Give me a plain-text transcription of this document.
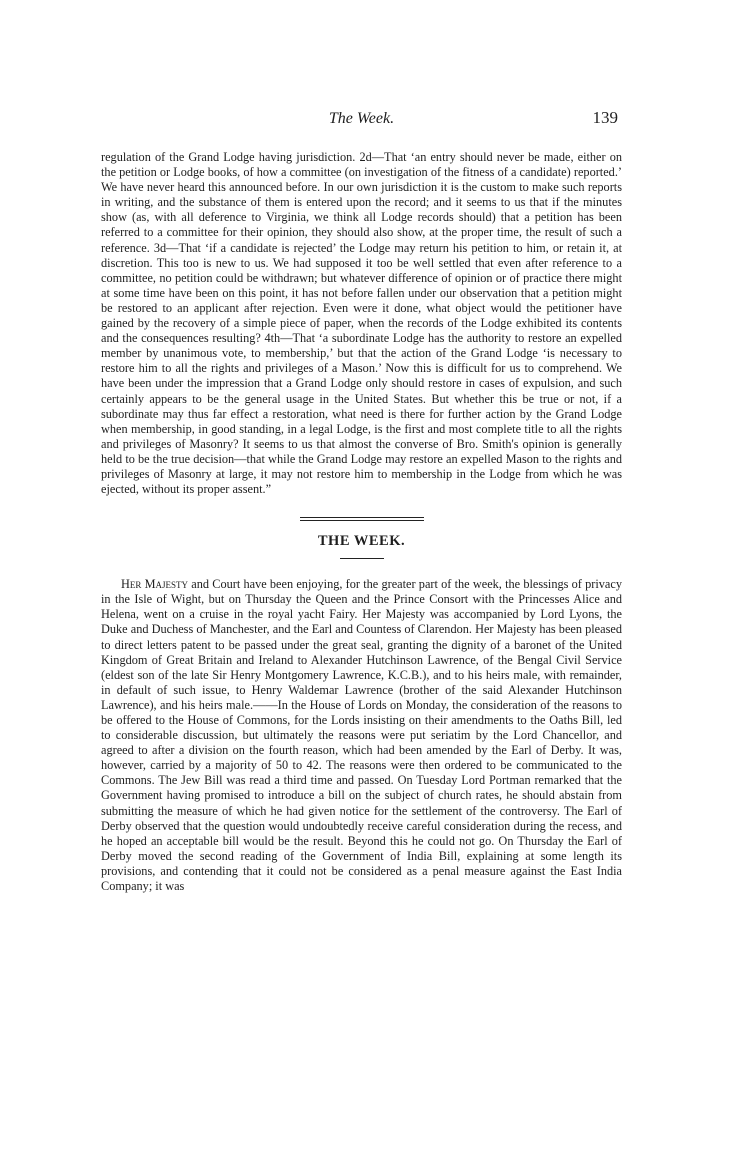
The Week.	139

regulation of the Grand Lodge having jurisdiction. 2d—That ‘an entry should never be made, either on the petition or Lodge books, of how a committee (on investigation of the fitness of a candidate) reported.’ We have never heard this announced before. In our own jurisdiction it is the custom to make such reports in writing, and the substance of them is entered upon the record; and it seems to us that if the minutes show (as, with all deference to Virginia, we think all Lodge records should) that a petition has been referred to a committee for their opinion, they should also show, at the proper time, the result of such a reference. 3d—That ‘if a candidate is rejected’ the Lodge may return his petition to him, or retain it, at discretion. This too is new to us. We had supposed it too be well settled that even after reference to a committee, no petition could be withdrawn; but whatever difference of opinion or of practice there might at some time have been on this point, it has not before fallen under our observation that a petition might be restored to an applicant after rejection. Even were it done, what object would the petitioner have gained by the recovery of a simple piece of paper, when the records of the Lodge exhibited its contents and the consequences resulting? 4th—That ‘a subordinate Lodge has the authority to restore an expelled member by unanimous vote, to membership,’ but that the action of the Grand Lodge ‘is necessary to restore him to all the rights and privileges of a Mason.’ Now this is difficult for us to comprehend. We have been under the impression that a Grand Lodge only should restore in cases of expulsion, and such certainly appears to be the general usage in the United States. But whether this be true or not, if a subordinate may thus far effect a restoration, what need is there for further action by the Grand Lodge when membership, in good standing, in a legal Lodge, is the first and most complete title to all the rights and privileges of Masonry? It seems to us that almost the converse of Bro. Smith's opinion is generally held to be the true decision—that while the Grand Lodge may restore an expelled Mason to the rights and privileges of Masonry at large, it may not restore him to membership in the Lodge from which he was ejected, without its proper assent.”

THE WEEK.

Her Majesty and Court have been enjoying, for the greater part of the week, the blessings of privacy in the Isle of Wight, but on Thursday the Queen and the Prince Consort with the Princesses Alice and Helena, went on a cruise in the royal yacht Fairy. Her Majesty was accompanied by Lord Lyons, the Duke and Duchess of Manchester, and the Earl and Countess of Clarendon. Her Majesty has been pleased to direct letters patent to be passed under the great seal, granting the dignity of a baronet of the United Kingdom of Great Britain and Ireland to Alexander Hutchinson Lawrence, of the Bengal Civil Service (eldest son of the late Sir Henry Montgomery Lawrence, K.C.B.), and to his heirs male, with remainder, in default of such issue, to Henry Waldemar Lawrence (brother of the said Alexander Hutchinson Lawrence), and his heirs male.——In the House of Lords on Monday, the consideration of the reasons to be offered to the House of Commons, for the Lords insisting on their amendments to the Oaths Bill, led to considerable discussion, but ultimately the reasons were put seriatim by the Lord Chancellor, and agreed to after a division on the fourth reason, which had been amended by the Earl of Derby. It was, however, carried by a majority of 50 to 42. The reasons were then ordered to be communicated to the Commons. The Jew Bill was read a third time and passed. On Tuesday Lord Portman remarked that the Government having promised to introduce a bill on the subject of church rates, he should abstain from submitting the measure of which he had given notice for the settlement of the controversy. The Earl of Derby observed that the question would undoubtedly receive careful consideration during the recess, and he hoped an acceptable bill would be the result. Beyond this he could not go. On Thursday the Earl of Derby moved the second reading of the Government of India Bill, explaining at some length its provisions, and contending that it could not be considered as a penal measure against the East India Company; it was
